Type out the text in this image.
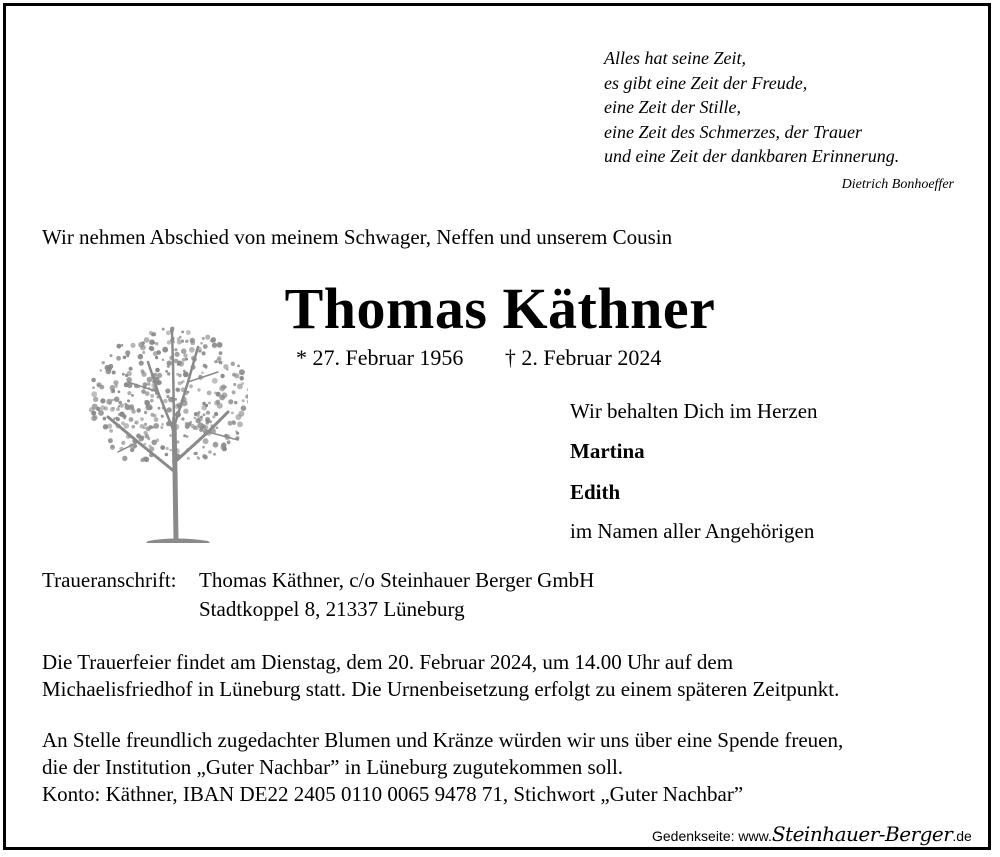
Alles hat seine Zeit,
es gibt eine Zeit der Freude,
eine Zeit der Stille,
eine Zeit des Schmerzes, der Trauer
und eine Zeit der dankbaren Erinnerung.
Dietrich Bonhoeffer
Wir nehmen Abschied von meinem Schwager, Neffen und unserem Cousin
Thomas Käthner
* 27. Februar 1956 † 2. Februar 2024
Wir behalten Dich im Herzen
Martina
Edith
im Namen aller Angehörigen
Traueranschrift: Thomas Käthner, c/o Steinhauer Berger GmbH
Stadtkoppel 8, 21337 Lüneburg
Die Trauerfeier findet am Dienstag, dem 20. Februar 2024, um 14.00 Uhr auf dem
Michaelisfriedhof in Lüneburg statt. Die Urnenbeisetzung erfolgt zu einem späteren Zeitpunkt.
An Stelle freundlich zugedachter Blumen und Kränze würden wir uns über eine Spende freuen,
die der Institution „Guter Nachbar” in Lüneburg zugutekommen soll.
Konto: Käthner, IBAN DE22 2405 0110 0065 9478 71, Stichwort „Guter Nachbar”
Gedenkseite: www.Steinhauer-Berger.de
